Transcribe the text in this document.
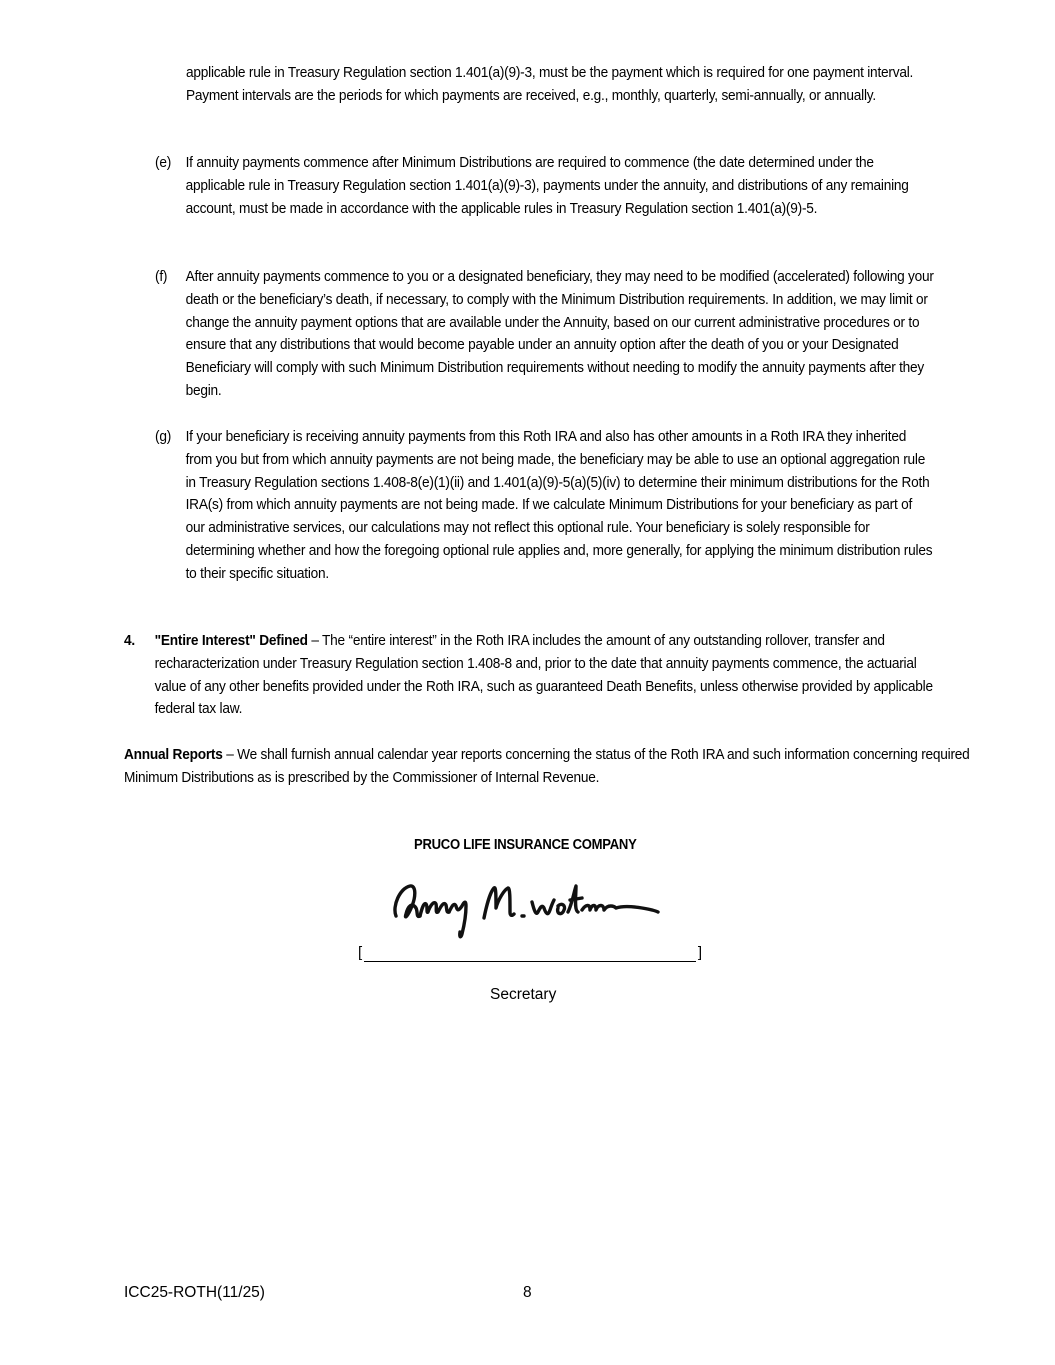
applicable rule in Treasury Regulation section 1.401(a)(9)-3, must be the payment which is required for one payment interval. Payment intervals are the periods for which payments are received, e.g., monthly, quarterly, semi-annually, or annually.

(e) If annuity payments commence after Minimum Distributions are required to commence (the date determined under the applicable rule in Treasury Regulation section 1.401(a)(9)-3), payments under the annuity, and distributions of any remaining account, must be made in accordance with the applicable rules in Treasury Regulation section 1.401(a)(9)-5.

(f) After annuity payments commence to you or a designated beneficiary, they may need to be modified (accelerated) following your death or the beneficiary’s death, if necessary, to comply with the Minimum Distribution requirements. In addition, we may limit or change the annuity payment options that are available under the Annuity, based on our current administrative procedures or to ensure that any distributions that would become payable under an annuity option after the death of you or your Designated Beneficiary will comply with such Minimum Distribution requirements without needing to modify the annuity payments after they begin.

(g) If your beneficiary is receiving annuity payments from this Roth IRA and also has other amounts in a Roth IRA they inherited from you but from which annuity payments are not being made, the beneficiary may be able to use an optional aggregation rule in Treasury Regulation sections 1.408-8(e)(1)(ii) and 1.401(a)(9)-5(a)(5)(iv) to determine their minimum distributions for the Roth IRA(s) from which annuity payments are not being made. If we calculate Minimum Distributions for your beneficiary as part of our administrative services, our calculations may not reflect this optional rule. Your beneficiary is solely responsible for determining whether and how the foregoing optional rule applies and, more generally, for applying the minimum distribution rules to their specific situation.

4. "Entire Interest" Defined – The “entire interest” in the Roth IRA includes the amount of any outstanding rollover, transfer and recharacterization under Treasury Regulation section 1.408-8 and, prior to the date that annuity payments commence, the actuarial value of any other benefits provided under the Roth IRA, such as guaranteed Death Benefits, unless otherwise provided by applicable federal tax law.

Annual Reports – We shall furnish annual calendar year reports concerning the status of the Roth IRA and such information concerning required Minimum Distributions as is prescribed by the Commissioner of Internal Revenue.

PRUCO LIFE INSURANCE COMPANY
[	]
Secretary
ICC25-ROTH(11/25)	8
